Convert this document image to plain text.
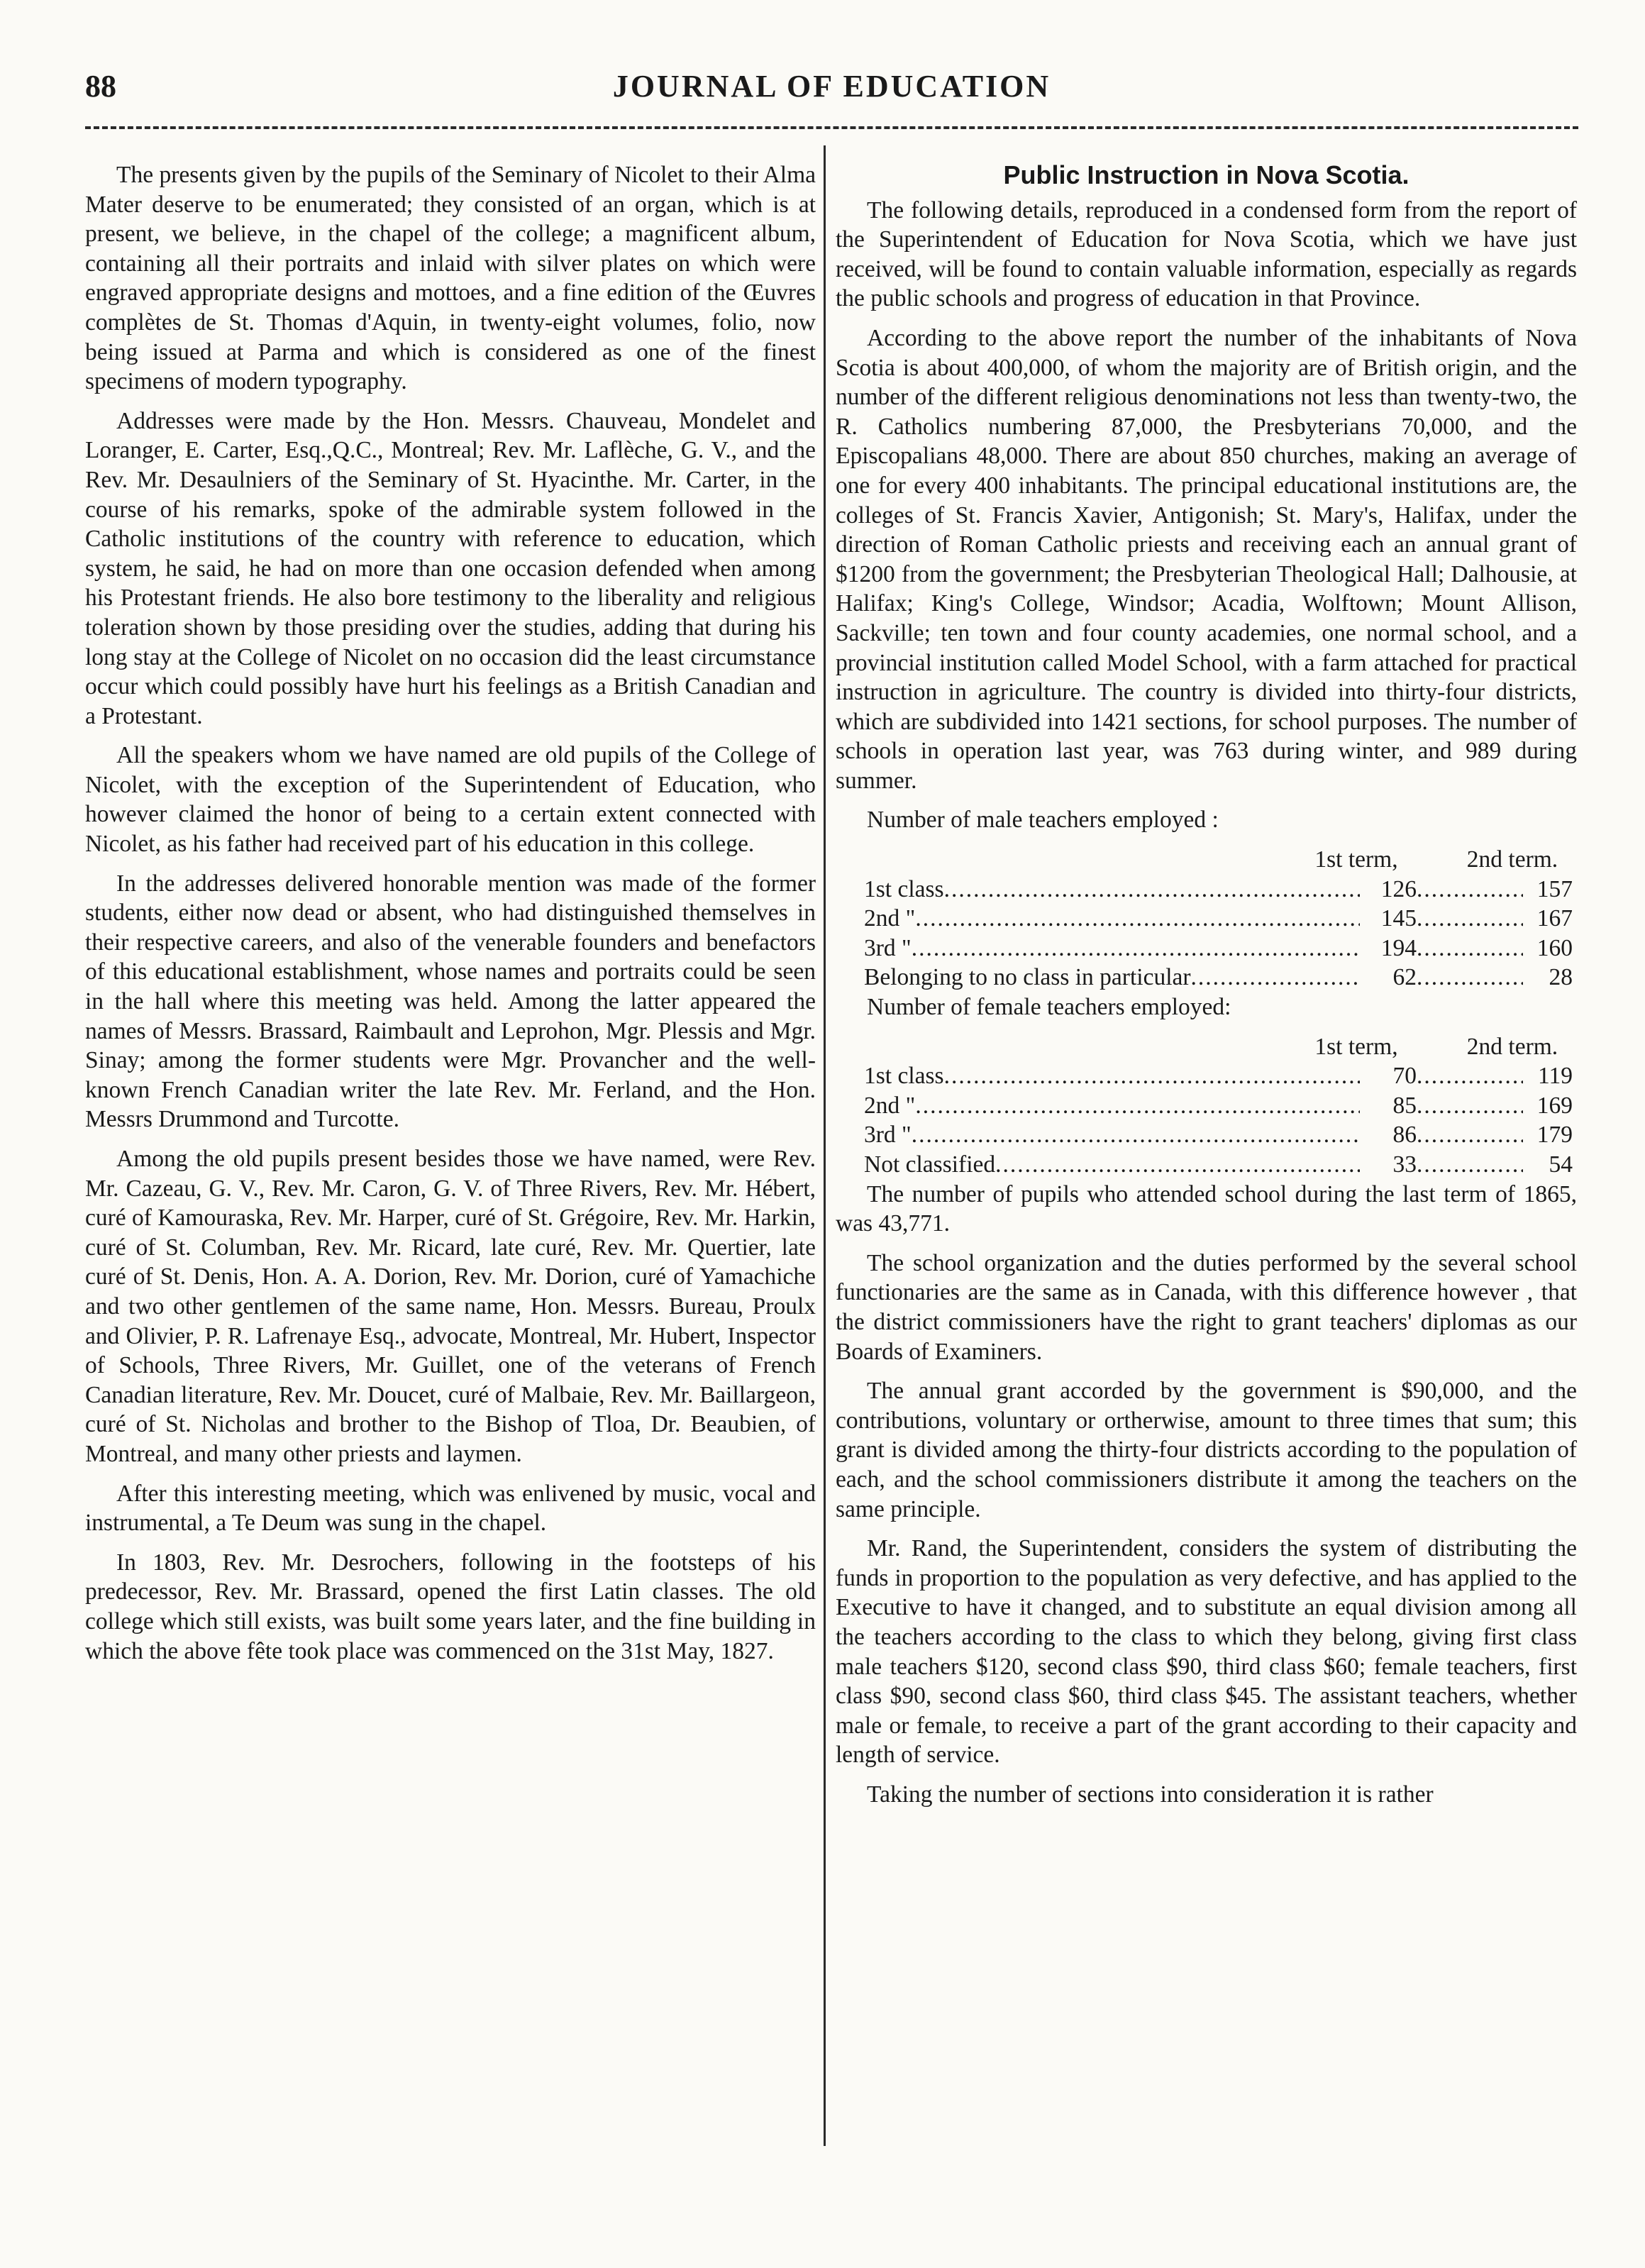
88	JOURNAL OF EDUCATION

The presents given by the pupils of the Seminary of Nicolet to their Alma Mater deserve to be enumerated; they consisted of an organ, which is at present, we believe, in the chapel of the college; a magnificent album, containing all their portraits and inlaid with silver plates on which were engraved appropriate designs and mottoes, and a fine edition of the Œuvres complètes de St. Thomas d'Aquin, in twenty-eight volumes, folio, now being issued at Parma and which is considered as one of the finest specimens of modern typography.

Addresses were made by the Hon. Messrs. Chauveau, Mondelet and Loranger, E. Carter, Esq.,Q.C., Montreal; Rev. Mr. Laflèche, G. V., and the Rev. Mr. Desaulniers of the Seminary of St. Hyacinthe. Mr. Carter, in the course of his remarks, spoke of the admirable system followed in the Catholic institutions of the country with reference to education, which system, he said, he had on more than one occasion defended when among his Protestant friends. He also bore testimony to the liberality and religious toleration shown by those presiding over the studies, adding that during his long stay at the College of Nicolet on no occasion did the least circumstance occur which could possibly have hurt his feelings as a British Canadian and a Protestant.

All the speakers whom we have named are old pupils of the College of Nicolet, with the exception of the Superintendent of Education, who however claimed the honor of being to a certain extent connected with Nicolet, as his father had received part of his education in this college.

In the addresses delivered honorable mention was made of the former students, either now dead or absent, who had distinguished themselves in their respective careers, and also of the venerable founders and benefactors of this educational establishment, whose names and portraits could be seen in the hall where this meeting was held. Among the latter appeared the names of Messrs. Brassard, Raimbault and Leprohon, Mgr. Plessis and Mgr. Sinay; among the former students were Mgr. Provancher and the well-known French Canadian writer the late Rev. Mr. Ferland, and the Hon. Messrs Drummond and Turcotte.

Among the old pupils present besides those we have named, were Rev. Mr. Cazeau, G. V., Rev. Mr. Caron, G. V. of Three Rivers, Rev. Mr. Hébert, curé of Kamouraska, Rev. Mr. Harper, curé of St. Grégoire, Rev. Mr. Harkin, curé of St. Columban, Rev. Mr. Ricard, late curé, Rev. Mr. Quertier, late curé of St. Denis, Hon. A. A. Dorion, Rev. Mr. Dorion, curé of Yamachiche and two other gentlemen of the same name, Hon. Messrs. Bureau, Proulx and Olivier, P. R. Lafrenaye Esq., advocate, Montreal, Mr. Hubert, Inspector of Schools, Three Rivers, Mr. Guillet, one of the veterans of French Canadian literature, Rev. Mr. Doucet, curé of Malbaie, Rev. Mr. Baillargeon, curé of St. Nicholas and brother to the Bishop of Tloa, Dr. Beaubien, of Montreal, and many other priests and laymen.

After this interesting meeting, which was enlivened by music, vocal and instrumental, a Te Deum was sung in the chapel.

In 1803, Rev. Mr. Desrochers, following in the footsteps of his predecessor, Rev. Mr. Brassard, opened the first Latin classes. The old college which still exists, was built some years later, and the fine building in which the above fête took place was commenced on the 31st May, 1827.

Public Instruction in Nova Scotia.

The following details, reproduced in a condensed form from the report of the Superintendent of Education for Nova Scotia, which we have just received, will be found to contain valuable information, especially as regards the public schools and progress of education in that Province.

According to the above report the number of the inhabitants of Nova Scotia is about 400,000, of whom the majority are of British origin, and the number of the different religious denominations not less than twenty-two, the R. Catholics numbering 87,000, the Presbyterians 70,000, and the Episcopalians 48,000. There are about 850 churches, making an average of one for every 400 inhabitants. The principal educational institutions are, the colleges of St. Francis Xavier, Antigonish; St. Mary's, Halifax, under the direction of Roman Catholic priests and receiving each an annual grant of $1200 from the government; the Presbyterian Theological Hall; Dalhousie, at Halifax; King's College, Windsor; Acadia, Wolftown; Mount Allison, Sackville; ten town and four county academies, one normal school, and a provincial institution called Model School, with a farm attached for practical instruction in agriculture. The country is divided into thirty-four districts, which are subdivided into 1421 sections, for school purposes. The number of schools in operation last year, was 763 during winter, and 989 during summer.

Number of male teachers employed :

1st term,	2nd term.
1st class .....	126 .....	157
2nd " .....	145 .....	167
3rd " .....	194 .....	160
Belonging to no class in particular .....	62 .....	28

Number of female teachers employed:

1st term,	2nd term.
1st class .....	70 .....	119
2nd " .....	85 .....	169
3rd " .....	86 .....	179
Not classified .....	33 .....	54

The number of pupils who attended school during the last term of 1865, was 43,771.

The school organization and the duties performed by the several school functionaries are the same as in Canada, with this difference however , that the district commissioners have the right to grant teachers' diplomas as our Boards of Examiners.

The annual grant accorded by the government is $90,000, and the contributions, voluntary or ortherwise, amount to three times that sum; this grant is divided among the thirty-four districts according to the population of each, and the school commissioners distribute it among the teachers on the same principle.

Mr. Rand, the Superintendent, considers the system of distributing the funds in proportion to the population as very defective, and has applied to the Executive to have it changed, and to substitute an equal division among all the teachers according to the class to which they belong, giving first class male teachers $120, second class $90, third class $60; female teachers, first class $90, second class $60, third class $45. The assistant teachers, whether male or female, to receive a part of the grant according to their capacity and length of service.

Taking the number of sections into consideration it is rather
